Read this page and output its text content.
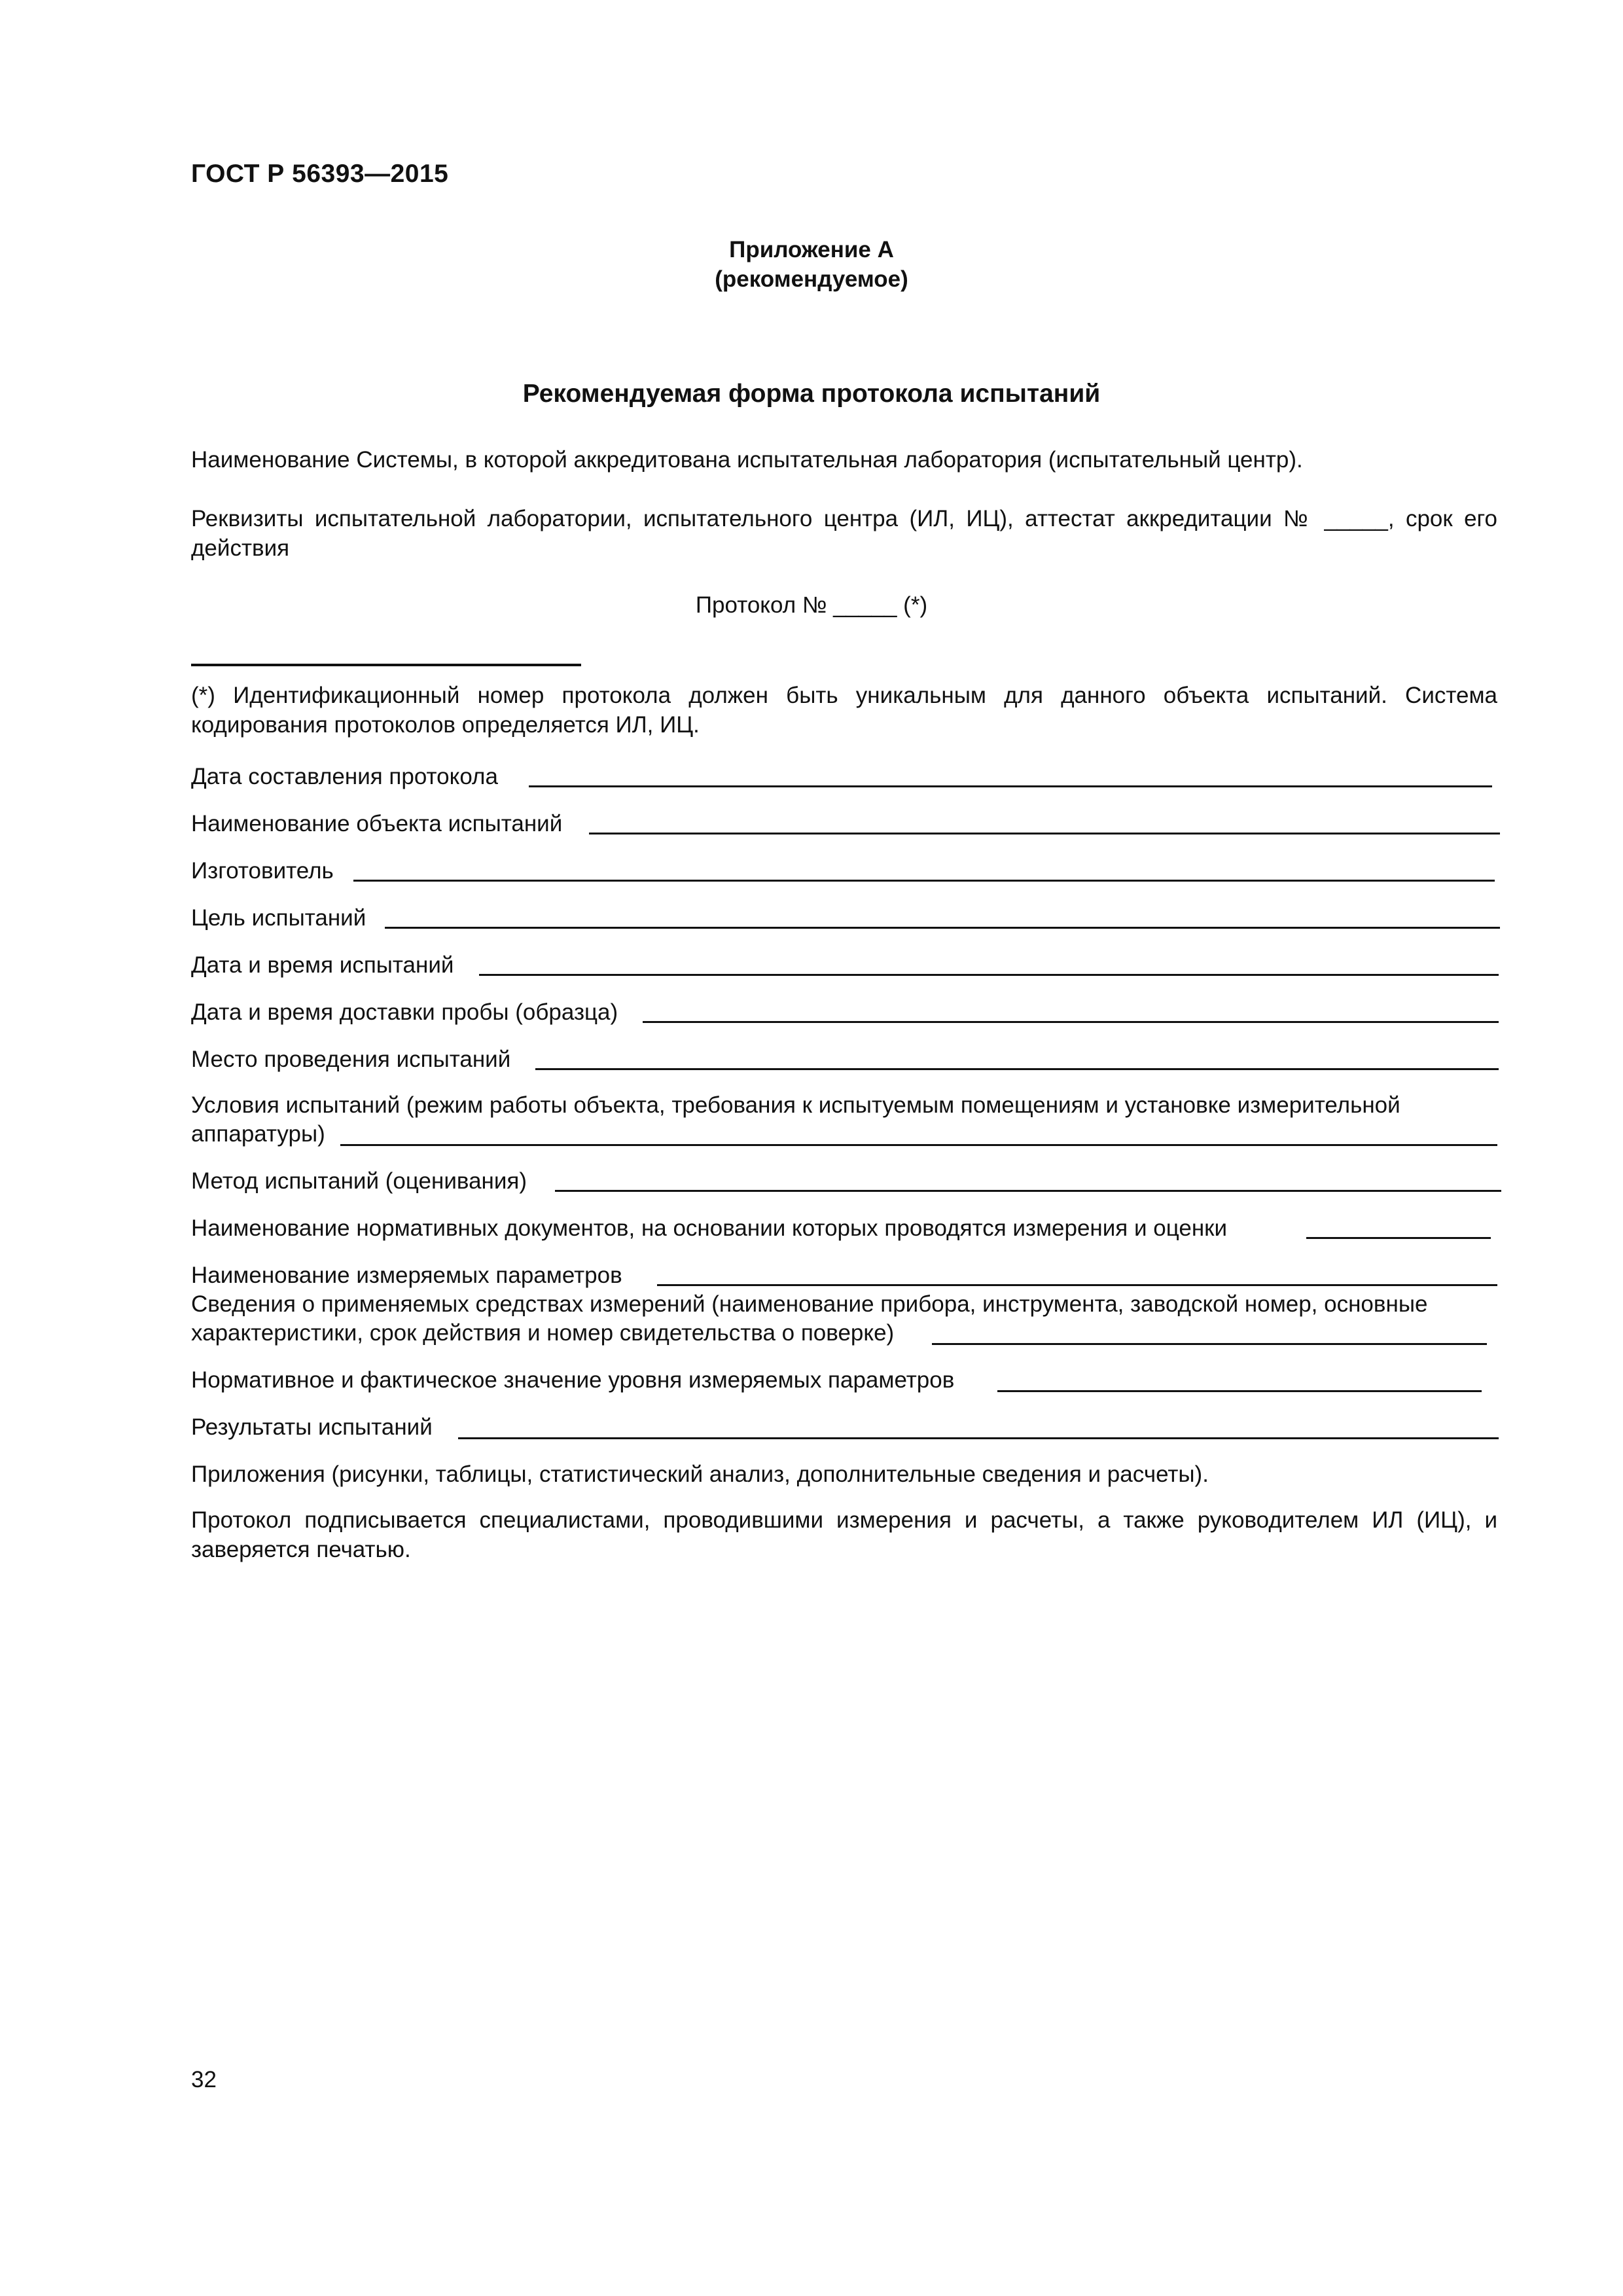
ГОСТ Р 56393—2015
Приложение А
(рекомендуемое)
Рекомендуемая форма протокола испытаний
Наименование Системы, в которой аккредитована испытательная лаборатория (испытательный центр).
Реквизиты испытательной лаборатории, испытательного центра (ИЛ, ИЦ), аттестат аккредитации № _____, срок его действия
Протокол № _____ (*)
(*) Идентификационный номер протокола должен быть уникальным для данного объекта испытаний. Система кодирования протоколов определяется ИЛ, ИЦ.
Дата составления протокола
Наименование объекта испытаний
Изготовитель
Цель испытаний
Дата и время испытаний
Дата и время доставки пробы (образца)
Место проведения испытаний
Условия испытаний (режим работы объекта, требования к испытуемым помещениям и установке измерительной
аппаратуры)
Метод испытаний (оценивания)
Наименование нормативных документов, на основании которых проводятся измерения и оценки
Наименование измеряемых параметров
Сведения о применяемых средствах измерений (наименование прибора, инструмента, заводской номер, основные
характеристики, срок действия и номер свидетельства о поверке)
Нормативное и фактическое значение уровня измеряемых параметров
Результаты испытаний
Приложения (рисунки, таблицы, статистический анализ, дополнительные сведения и расчеты).
Протокол подписывается специалистами, проводившими измерения и расчеты, а также руководителем ИЛ (ИЦ), и заверяется печатью.
32
